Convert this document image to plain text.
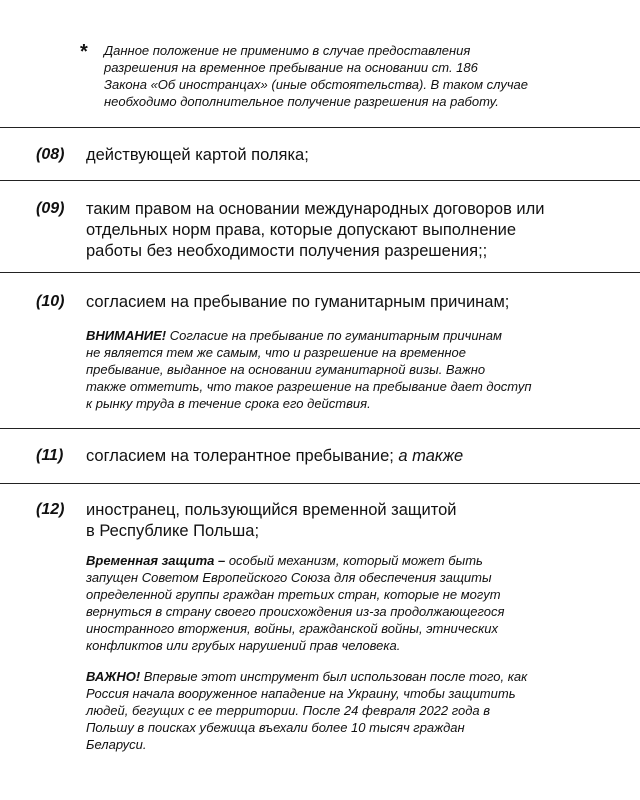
* Данное положение не применимо в случае предоставления
разрешения на временное пребывание на основании ст. 186
Закона «Об иностранцах» (иные обстоятельства). В таком случае
необходимо дополнительное получение разрешения на работу.
(08) действующей картой поляка;
(09) таким правом на основании международных договоров или
отдельных норм права, которые допускают выполнение
работы без необходимости получения разрешения;;
(10) согласием на пребывание по гуманитарным причинам;
ВНИМАНИЕ! Согласие на пребывание по гуманитарным причинам
не является тем же самым, что и разрешение на временное
пребывание, выданное на основании гуманитарной визы. Важно
также отметить, что такое разрешение на пребывание дает доступ
к рынку труда в течение срока его действия.
(11) согласием на толерантное пребывание; а также
(12) иностранец, пользующийся временной защитой
в Республике Польша;
Временная защита – особый механизм, который может быть
запущен Советом Европейского Союза для обеспечения защиты
определенной группы граждан третьих стран, которые не могут
вернуться в страну своего происхождения из-за продолжающегося
иностранного вторжения, войны, гражданской войны, этнических
конфликтов или грубых нарушений прав человека.
ВАЖНО! Впервые этот инструмент был использован после того, как
Россия начала вооруженное нападение на Украину, чтобы защитить
людей, бегущих с ее территории. После 24 февраля 2022 года в
Польшу в поисках убежища въехали более 10 тысяч граждан
Беларуси.
